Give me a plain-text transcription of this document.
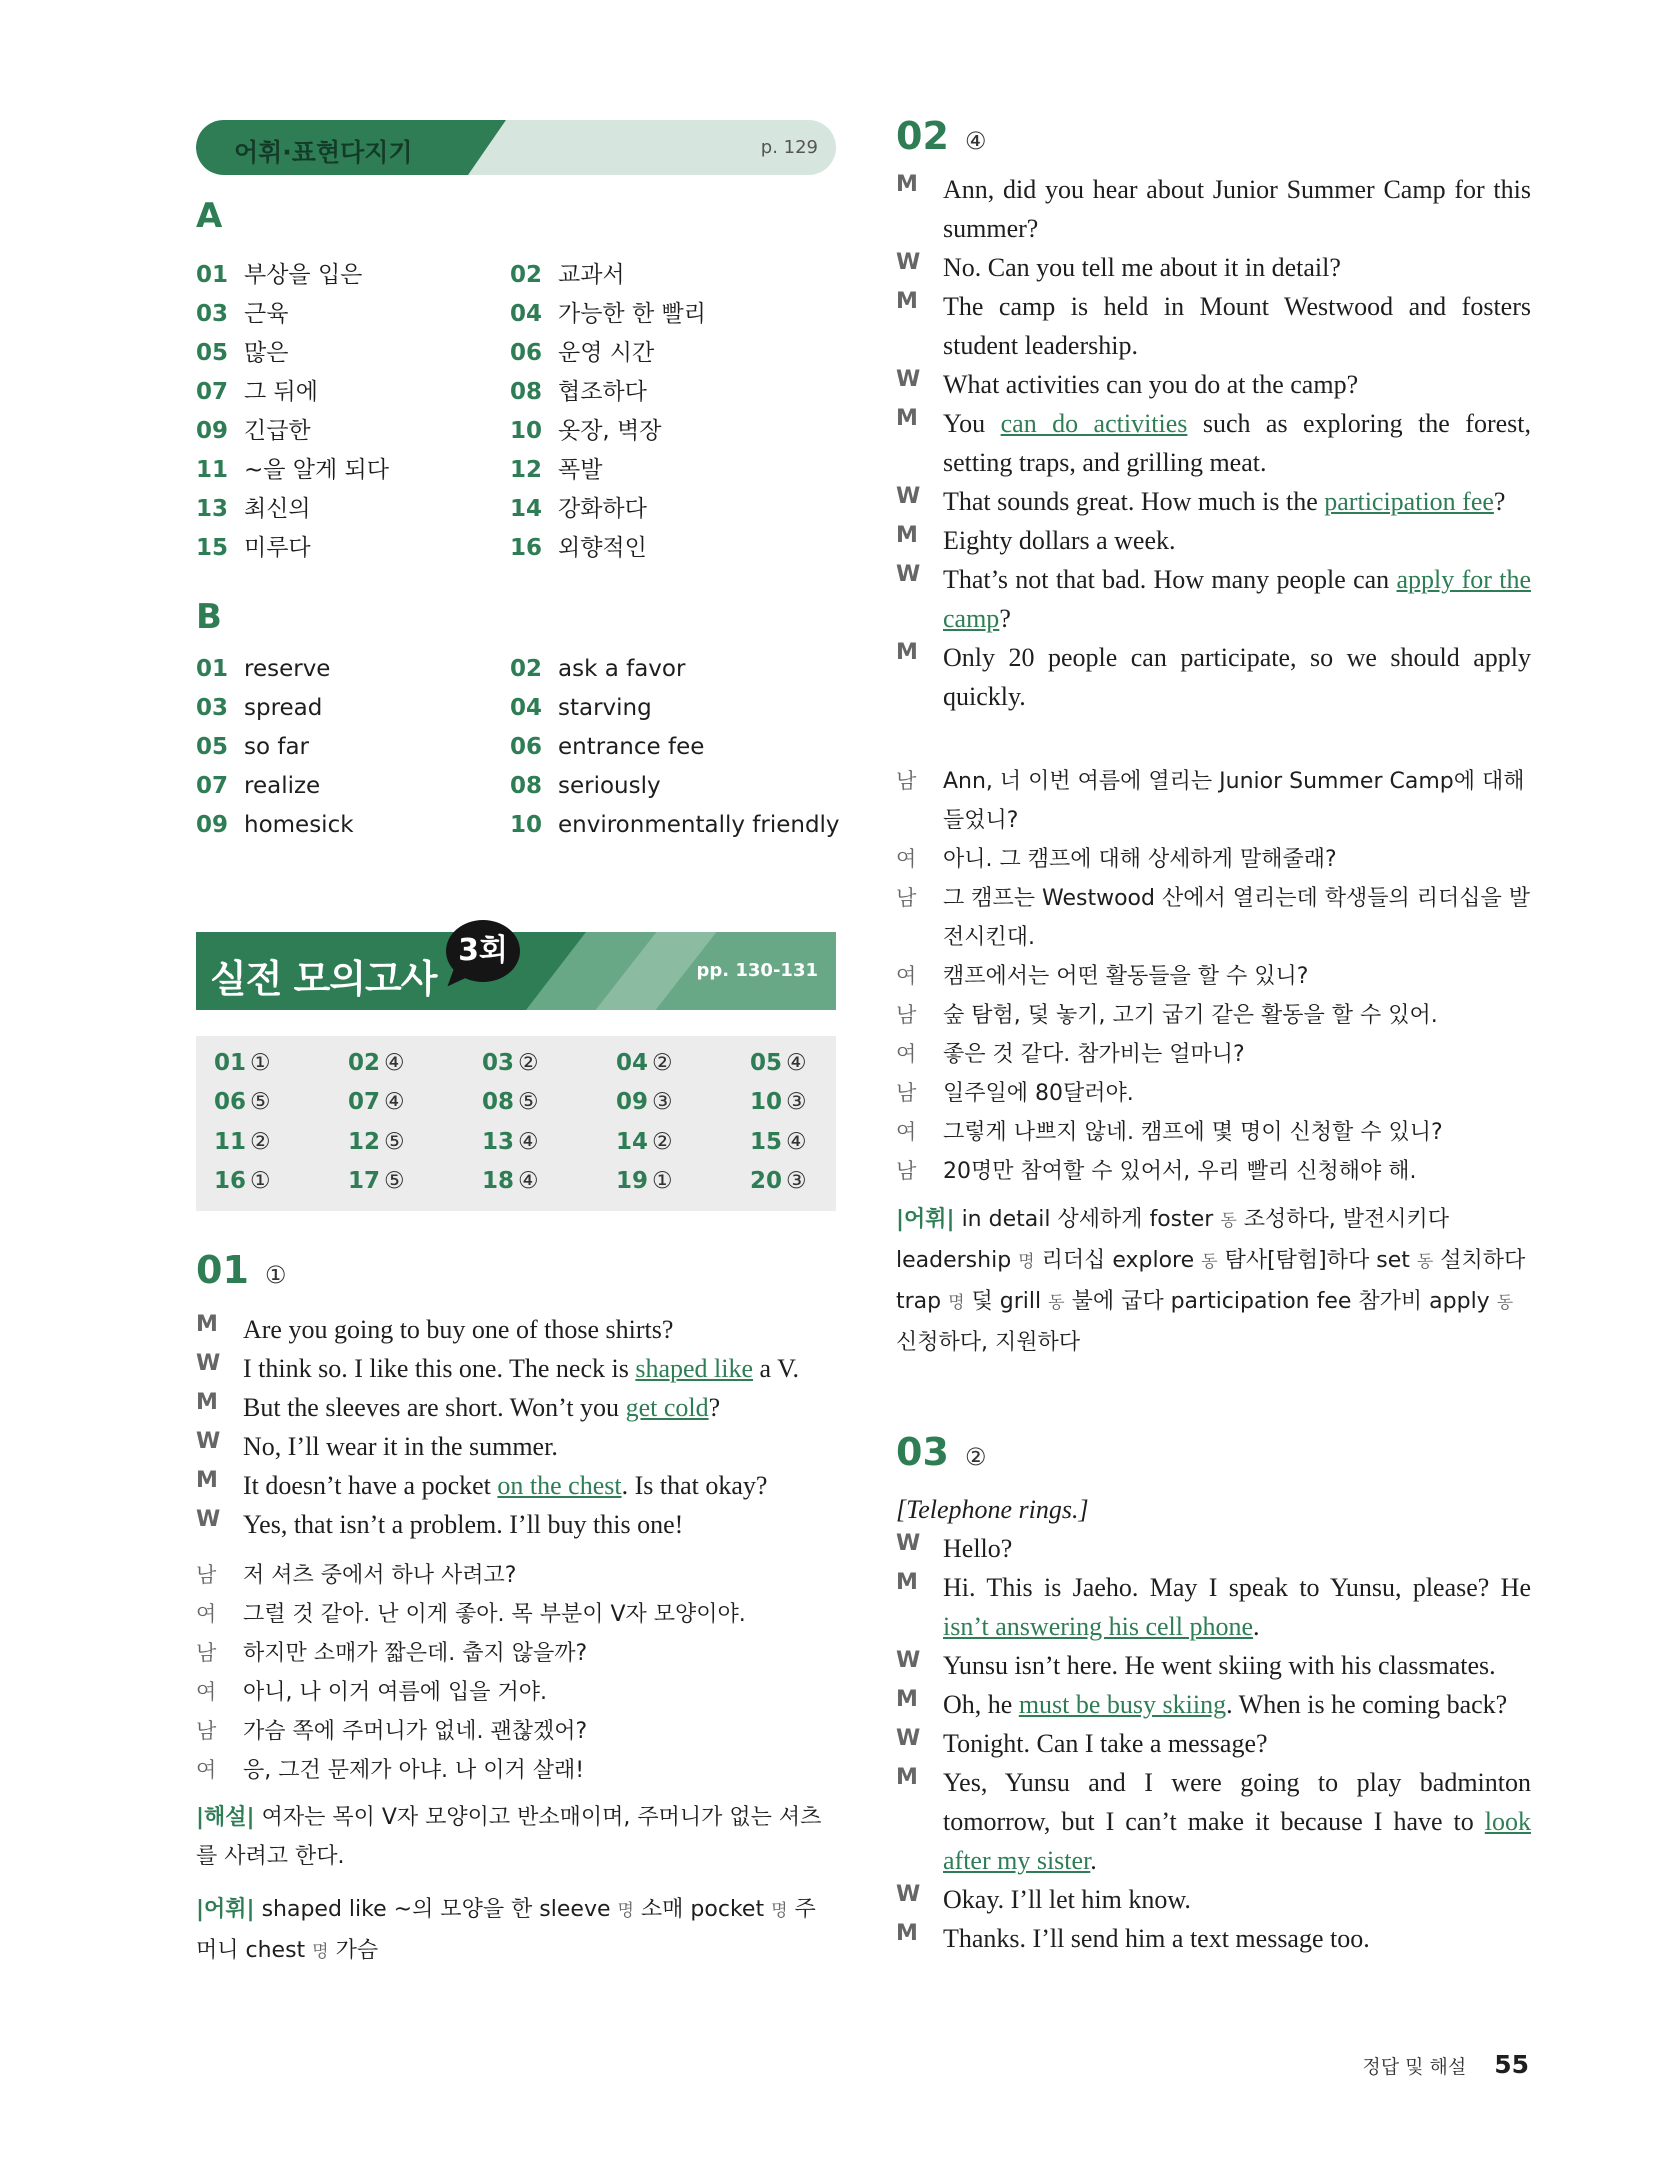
어휘·표현다지기	p. 129
A
01 부상을 입은	02 교과서
03 근육	04 가능한 한 빨리
05 많은	06 운영 시간
07 그 뒤에	08 협조하다
09 긴급한	10 옷장, 벽장
11 ~을 알게 되다	12 폭발
13 최신의	14 강화하다
15 미루다	16 외향적인
B
01 reserve	02 ask a favor
03 spread	04 starving
05 so far	06 entrance fee
07 realize	08 seriously
09 homesick	10 environmentally friendly
실전 모의고사	pp. 130-131
3회
01 ①	02 ④	03 ②	04 ②	05 ④
06 ⑤	07 ④	08 ⑤	09 ③	10 ③
11 ②	12 ⑤	13 ④	14 ②	15 ④
16 ①	17 ⑤	18 ④	19 ①	20 ③
01 ①
M Are you going to buy one of those shirts?
W I think so. I like this one. The neck is shaped like a V.
M But the sleeves are short. Won’t you get cold?
W No, I’ll wear it in the summer.
M It doesn’t have a pocket on the chest. Is that okay?
W Yes, that isn’t a problem. I’ll buy this one!
남	저 셔츠 중에서 하나 사려고?
여	그럴 것 같아. 난 이게 좋아. 목 부분이 V자 모양이야.
남	하지만 소매가 짧은데. 춥지 않을까?
여	아니, 나 이거 여름에 입을 거야.
남	가슴 쪽에 주머니가 없네. 괜찮겠어?
여	응, 그건 문제가 아냐. 나 이거 살래!
|해설| 여자는 목이 V자 모양이고 반소매이며, 주머니가 없는 셔츠를 사려고 한다.
|어휘| shaped like ~의 모양을 한 sleeve 명 소매 pocket 명 주머니 chest 명 가슴
02 ④
M Ann, did you hear about Junior Summer Camp for this summer?
W No. Can you tell me about it in detail?
M The camp is held in Mount Westwood and fosters student leadership.
W What activities can you do at the camp?
M You can do activities such as exploring the forest, setting traps, and grilling meat.
W That sounds great. How much is the participation fee?
M Eighty dollars a week.
W That’s not that bad. How many people can apply for the camp?
M Only 20 people can participate, so we should apply quickly.
남	Ann, 너 이번 여름에 열리는 Junior Summer Camp에 대해 들었니?
여	아니. 그 캠프에 대해 상세하게 말해줄래?
남	그 캠프는 Westwood 산에서 열리는데 학생들의 리더십을 발전시킨대.
여	캠프에서는 어떤 활동들을 할 수 있니?
남	숲 탐험, 덫 놓기, 고기 굽기 같은 활동을 할 수 있어.
여	좋은 것 같다. 참가비는 얼마니?
남	일주일에 80달러야.
여	그렇게 나쁘지 않네. 캠프에 몇 명이 신청할 수 있니?
남	20명만 참여할 수 있어서, 우리 빨리 신청해야 해.
|어휘| in detail 상세하게 foster 동 조성하다, 발전시키다 leadership 명 리더십 explore 동 탐사[탐험]하다 set 동 설치하다 trap 명 덫 grill 동 불에 굽다 participation fee 참가비 apply 동 신청하다, 지원하다
03 ②
[Telephone rings.]
W Hello?
M Hi. This is Jaeho. May I speak to Yunsu, please? He isn’t answering his cell phone.
W Yunsu isn’t here. He went skiing with his classmates.
M Oh, he must be busy skiing. When is he coming back?
W Tonight. Can I take a message?
M Yes, Yunsu and I were going to play badminton tomorrow, but I can’t make it because I have to look after my sister.
W Okay. I’ll let him know.
M Thanks. I’ll send him a text message too.
정답 및 해설 55
